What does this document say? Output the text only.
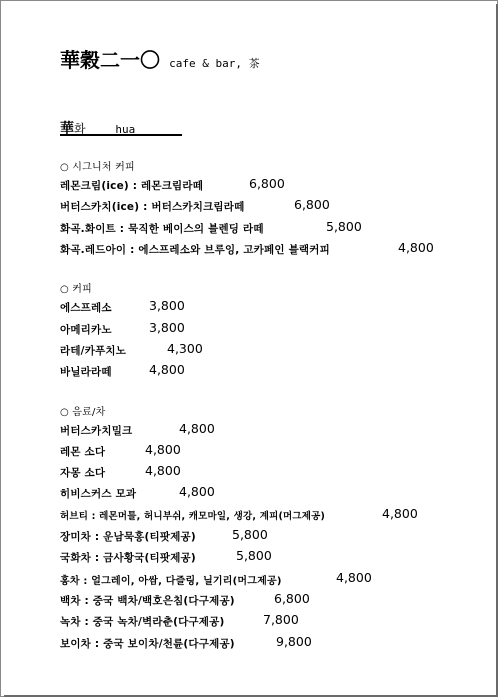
華穀二一〇 cafe & bar, 茶
華화	hua
○ 시그니처 커피
레몬크림(ice) : 레몬크림라떼	6,800
버터스카치(ice) : 버터스카치크림라떼	6,800
화곡.화이트 : 묵직한 베이스의 블렌딩 라떼	5,800
화곡.레드아이 : 에스프레소와 브루잉, 고카페인 블랙커피	4,800
○ 커피
에스프레소	3,800
아메리카노	3,800
라테/카푸치노	4,300
바닐라라떼	4,800
○ 음료/차
버터스카치밀크	4,800
레몬 소다	4,800
자몽 소다	4,800
히비스커스 모과	4,800
허브티 : 레몬머틀, 허니부쉬, 캐모마일, 생강, 계피(머그제공)	4,800
장미차 : 운남묵홍(티팟제공)	5,800
국화차 : 금사황국(티팟제공)	5,800
홍차 : 얼그레이, 아쌈, 다즐링, 닐기리(머그제공)	4,800
백차 : 중국 백차/백호은침(다구제공)	6,800
녹차 : 중국 녹차/벽라춘(다구제공)	7,800
보이차 : 중국 보이차/천륜(다구제공)	9,800
